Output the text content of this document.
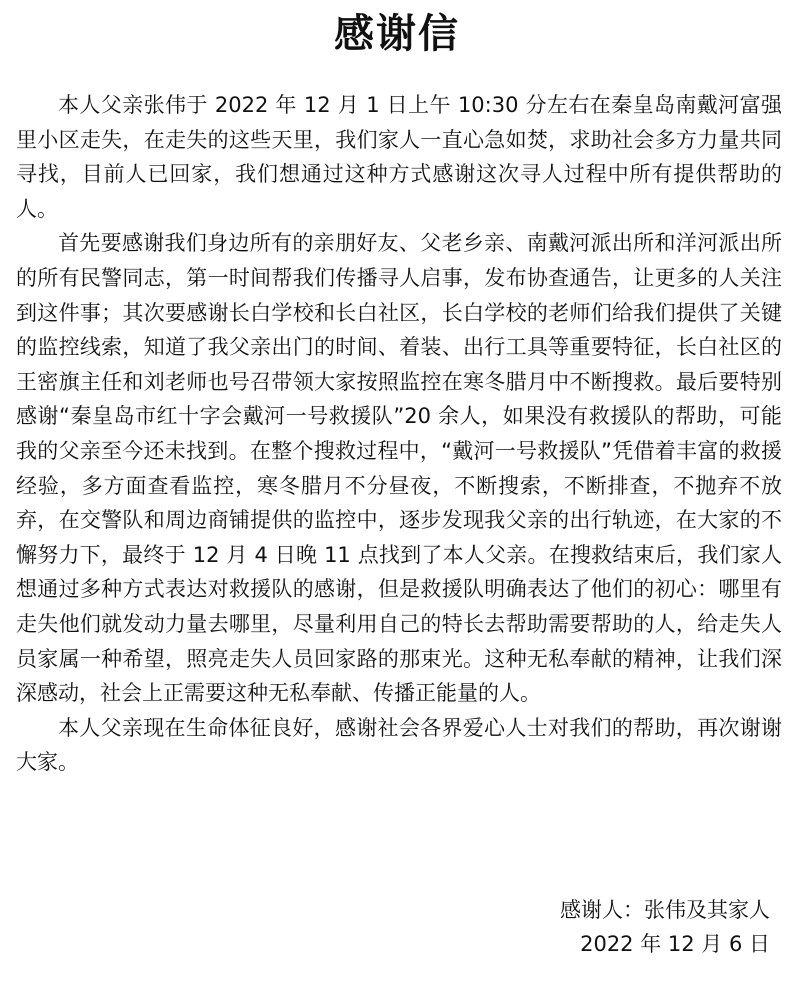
感谢信

本人父亲张伟于 2022 年 12 月 1 日上午 10:30 分左右在秦皇岛南戴河富强里小区走失，在走失的这些天里，我们家人一直心急如焚，求助社会多方力量共同寻找，目前人已回家，我们想通过这种方式感谢这次寻人过程中所有提供帮助的人。

首先要感谢我们身边所有的亲朋好友、父老乡亲、南戴河派出所和洋河派出所的所有民警同志，第一时间帮我们传播寻人启事，发布协查通告，让更多的人关注到这件事；其次要感谢长白学校和长白社区，长白学校的老师们给我们提供了关键的监控线索，知道了我父亲出门的时间、着装、出行工具等重要特征，长白社区的王密旗主任和刘老师也号召带领大家按照监控在寒冬腊月中不断搜救。最后要特别感谢“秦皇岛市红十字会戴河一号救援队”20 余人，如果没有救援队的帮助，可能我的父亲至今还未找到。在整个搜救过程中，“戴河一号救援队”凭借着丰富的救援经验，多方面查看监控，寒冬腊月不分昼夜，不断搜索，不断排查，不抛弃不放弃，在交警队和周边商铺提供的监控中，逐步发现我父亲的出行轨迹，在大家的不懈努力下，最终于 12 月 4 日晚 11 点找到了本人父亲。在搜救结束后，我们家人想通过多种方式表达对救援队的感谢，但是救援队明确表达了他们的初心：哪里有走失他们就发动力量去哪里，尽量利用自己的特长去帮助需要帮助的人，给走失人员家属一种希望，照亮走失人员回家路的那束光。这种无私奉献的精神，让我们深深感动，社会上正需要这种无私奉献、传播正能量的人。

本人父亲现在生命体征良好，感谢社会各界爱心人士对我们的帮助，再次谢谢大家。

感谢人：张伟及其家人

2022 年 12 月 6 日
